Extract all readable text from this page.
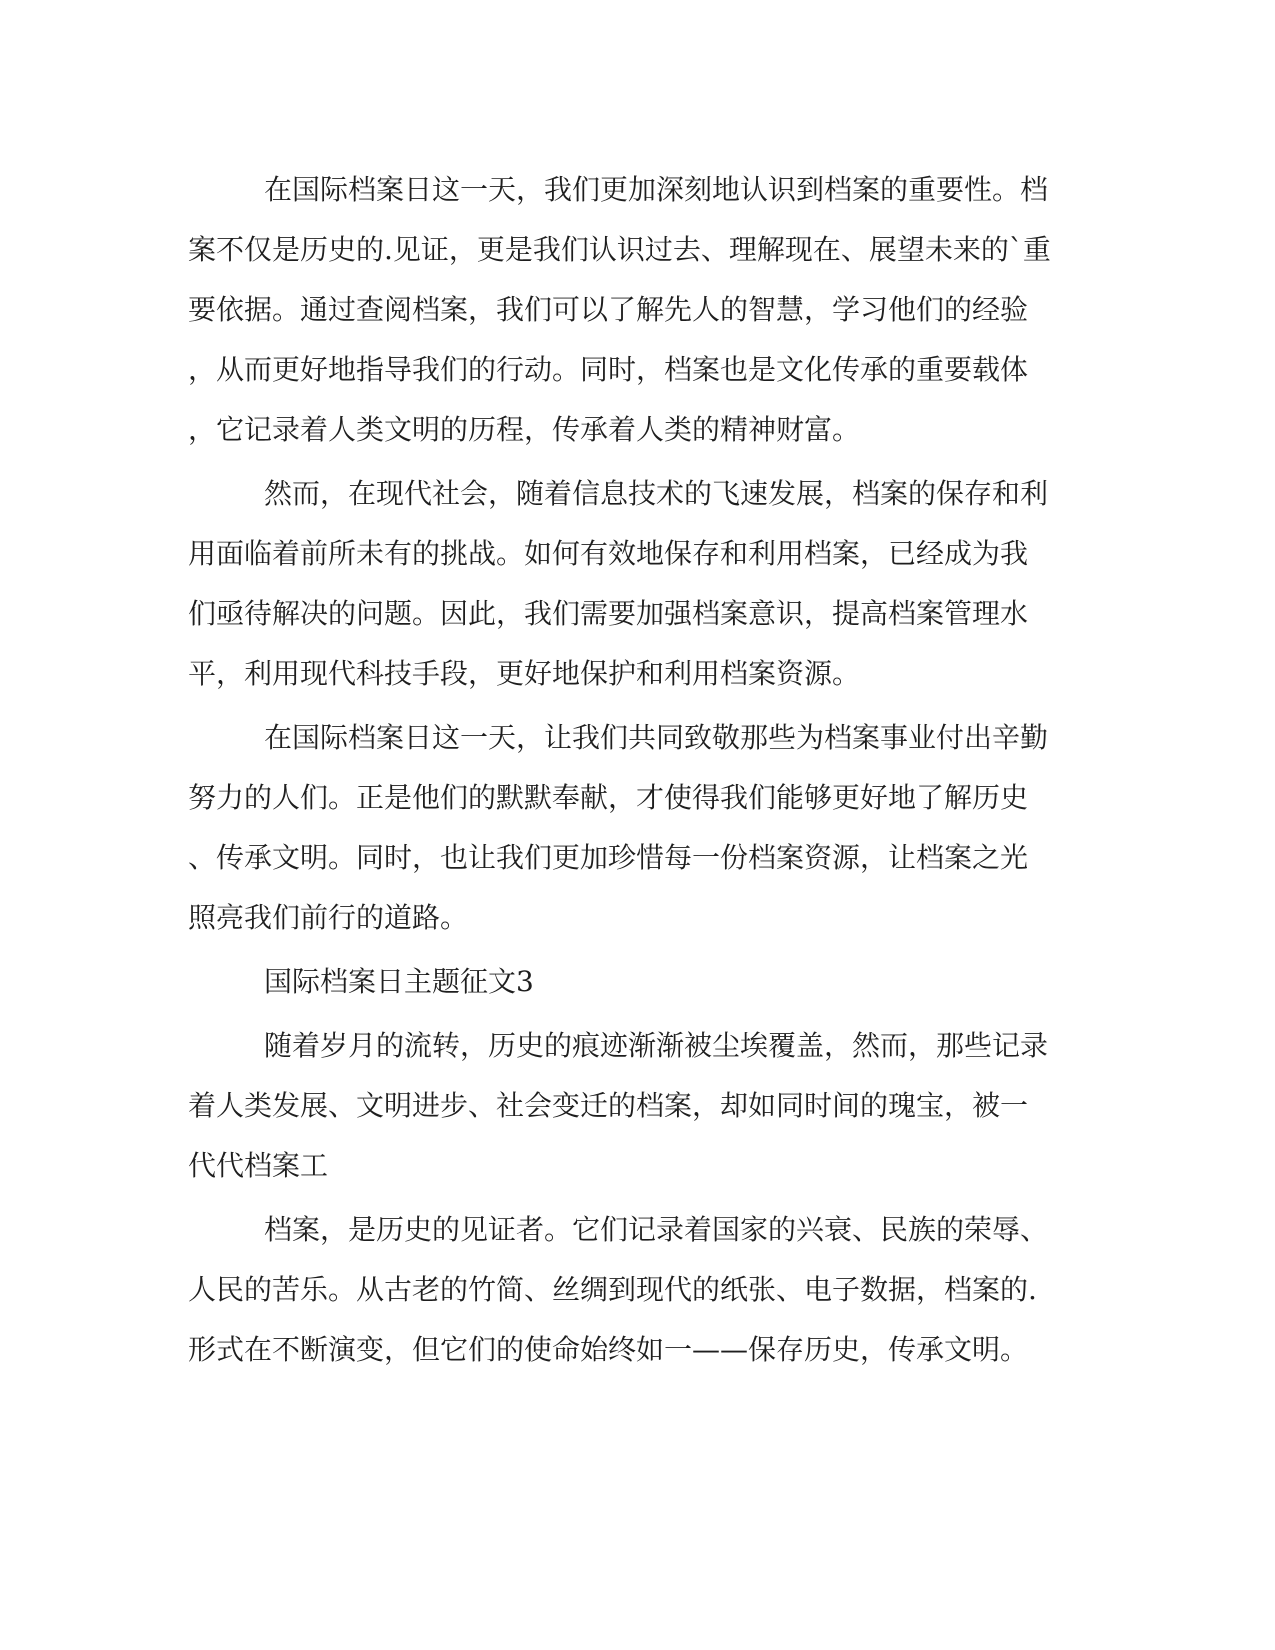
在国际档案日这一天，我们更加深刻地认识到档案的重要性。档
案不仅是历史的.见证，更是我们认识过去、理解现在、展望未来的`重
要依据。通过查阅档案，我们可以了解先人的智慧，学习他们的经验
，从而更好地指导我们的行动。同时，档案也是文化传承的重要载体
，它记录着人类文明的历程，传承着人类的精神财富。
然而，在现代社会，随着信息技术的飞速发展，档案的保存和利
用面临着前所未有的挑战。如何有效地保存和利用档案，已经成为我
们亟待解决的问题。因此，我们需要加强档案意识，提高档案管理水
平，利用现代科技手段，更好地保护和利用档案资源。
在国际档案日这一天，让我们共同致敬那些为档案事业付出辛勤
努力的人们。正是他们的默默奉献，才使得我们能够更好地了解历史
、传承文明。同时，也让我们更加珍惜每一份档案资源，让档案之光
照亮我们前行的道路。
国际档案日主题征文3
随着岁月的流转，历史的痕迹渐渐被尘埃覆盖，然而，那些记录
着人类发展、文明进步、社会变迁的档案，却如同时间的瑰宝，被一
代代档案工
档案，是历史的见证者。它们记录着国家的兴衰、民族的荣辱、
人民的苦乐。从古老的竹简、丝绸到现代的纸张、电子数据，档案的.
形式在不断演变，但它们的使命始终如一——保存历史，传承文明。
